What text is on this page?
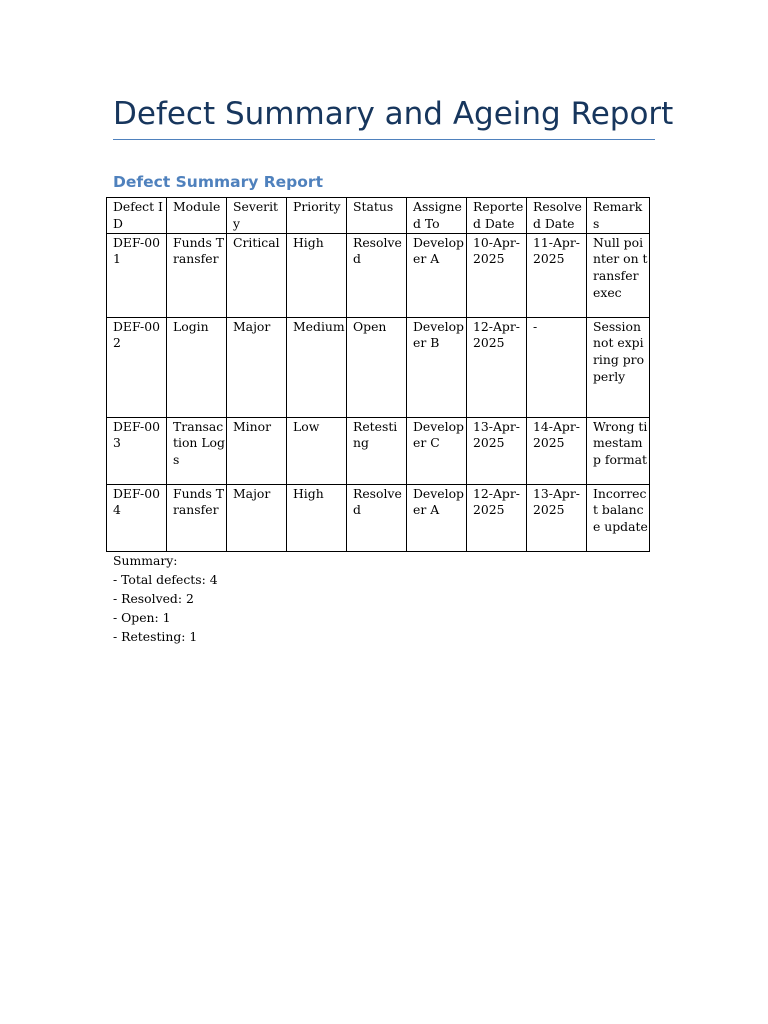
Defect Summary and Ageing Report
Defect Summary Report
Defect ID	Module	Severity	Priority	Status	Assigned To	Reported Date	Resolved Date	Remarks
DEF-001	Funds Transfer	Critical	High	Resolved	Developer A	10-Apr-2025	11-Apr-2025	Null pointer on transfer exec
DEF-002	Login	Major	Medium	Open	Developer B	12-Apr-2025	-	Session not expiring properly
DEF-003	Transaction Logs	Minor	Low	Retesting	Developer C	13-Apr-2025	14-Apr-2025	Wrong timestamp format
DEF-004	Funds Transfer	Major	High	Resolved	Developer A	12-Apr-2025	13-Apr-2025	Incorrect balance update
Summary:
- Total defects: 4
- Resolved: 2
- Open: 1
- Retesting: 1
